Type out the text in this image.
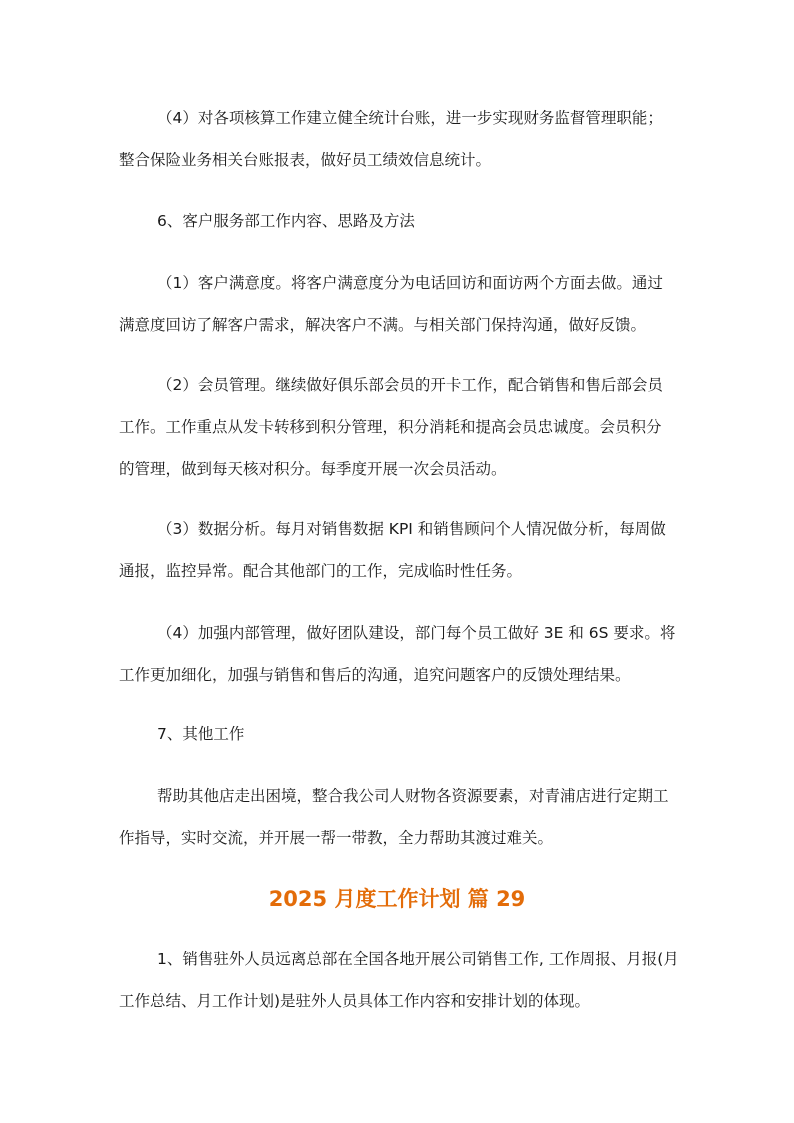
（4）对各项核算工作建立健全统计台账，进一步实现财务监督管理职能；
整合保险业务相关台账报表，做好员工绩效信息统计。
6、客户服务部工作内容、思路及方法
（1）客户满意度。将客户满意度分为电话回访和面访两个方面去做。通过
满意度回访了解客户需求，解决客户不满。与相关部门保持沟通，做好反馈。
（2）会员管理。继续做好俱乐部会员的开卡工作，配合销售和售后部会员
工作。工作重点从发卡转移到积分管理，积分消耗和提高会员忠诚度。会员积分
的管理，做到每天核对积分。每季度开展一次会员活动。
（3）数据分析。每月对销售数据 KPI 和销售顾问个人情况做分析，每周做
通报，监控异常。配合其他部门的工作，完成临时性任务。
（4）加强内部管理，做好团队建设，部门每个员工做好 3E 和 6S 要求。将
工作更加细化，加强与销售和售后的沟通，追究问题客户的反馈处理结果。
7、其他工作
帮助其他店走出困境，整合我公司人财物各资源要素，对青浦店进行定期工
作指导，实时交流，并开展一帮一带教，全力帮助其渡过难关。
2025 月度工作计划 篇 29
1、销售驻外人员远离总部在全国各地开展公司销售工作, 工作周报、月报(月
工作总结、月工作计划)是驻外人员具体工作内容和安排计划的体现。
